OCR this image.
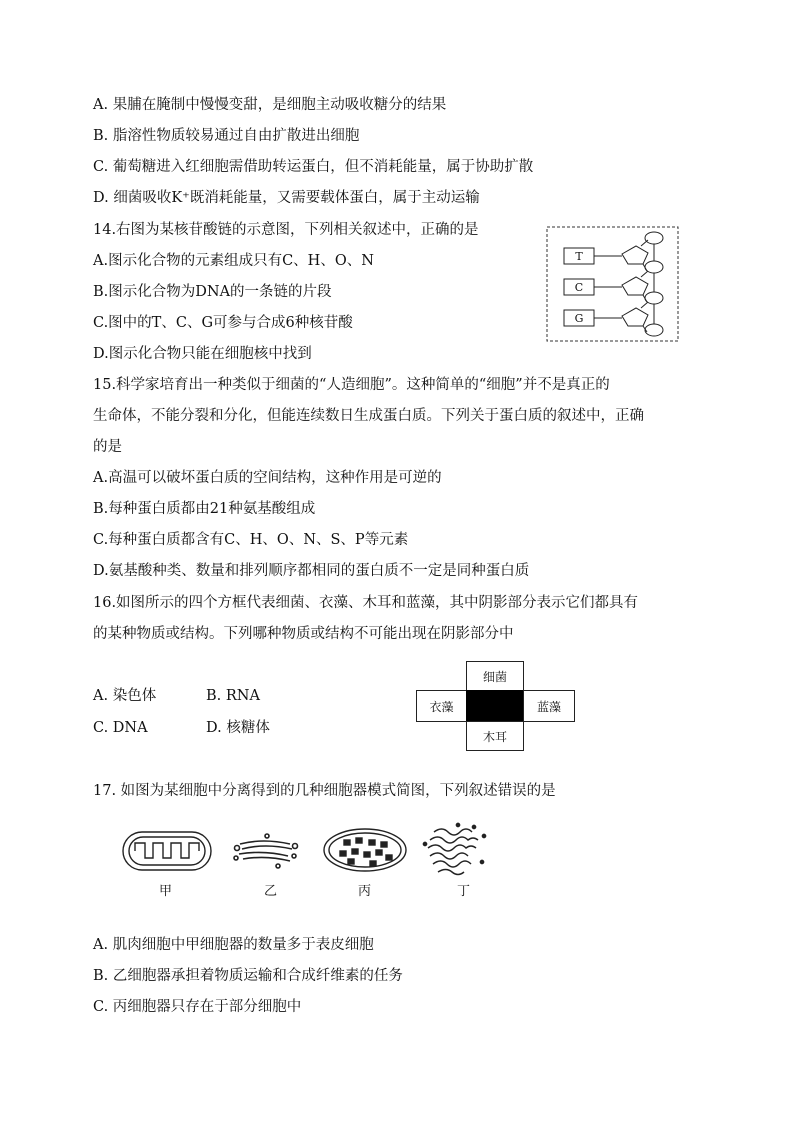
A. 果脯在腌制中慢慢变甜，是细胞主动吸收糖分的结果
B. 脂溶性物质较易通过自由扩散进出细胞
C. 葡萄糖进入红细胞需借助转运蛋白，但不消耗能量，属于协助扩散
D. 细菌吸收K⁺既消耗能量，又需要载体蛋白，属于主动运输
14.右图为某核苷酸链的示意图，下列相关叙述中，正确的是
A.图示化合物的元素组成只有C、H、O、N
B.图示化合物为DNA的一条链的片段
C.图中的T、C、G可参与合成6种核苷酸
D.图示化合物只能在细胞核中找到
T
C
G
15.科学家培育出一种类似于细菌的“人造细胞”。这种简单的“细胞”并不是真正的
生命体，不能分裂和分化，但能连续数日生成蛋白质。下列关于蛋白质的叙述中，正确
的是
A.高温可以破坏蛋白质的空间结构，这种作用是可逆的
B.每种蛋白质都由21种氨基酸组成
C.每种蛋白质都含有C、H、O、N、S、P等元素
D.氨基酸种类、数量和排列顺序都相同的蛋白质不一定是同种蛋白质
16.如图所示的四个方框代表细菌、衣藻、木耳和蓝藻，其中阴影部分表示它们都具有
的某种物质或结构。下列哪种物质或结构不可能出现在阴影部分中
A. 染色体	B. RNA
C. DNA	D. 核糖体
细菌
衣藻	蓝藻
木耳
17. 如图为某细胞中分离得到的几种细胞器模式简图，下列叙述错误的是
甲	乙	丙	丁
A. 肌肉细胞中甲细胞器的数量多于表皮细胞
B. 乙细胞器承担着物质运输和合成纤维素的任务
C. 丙细胞器只存在于部分细胞中
